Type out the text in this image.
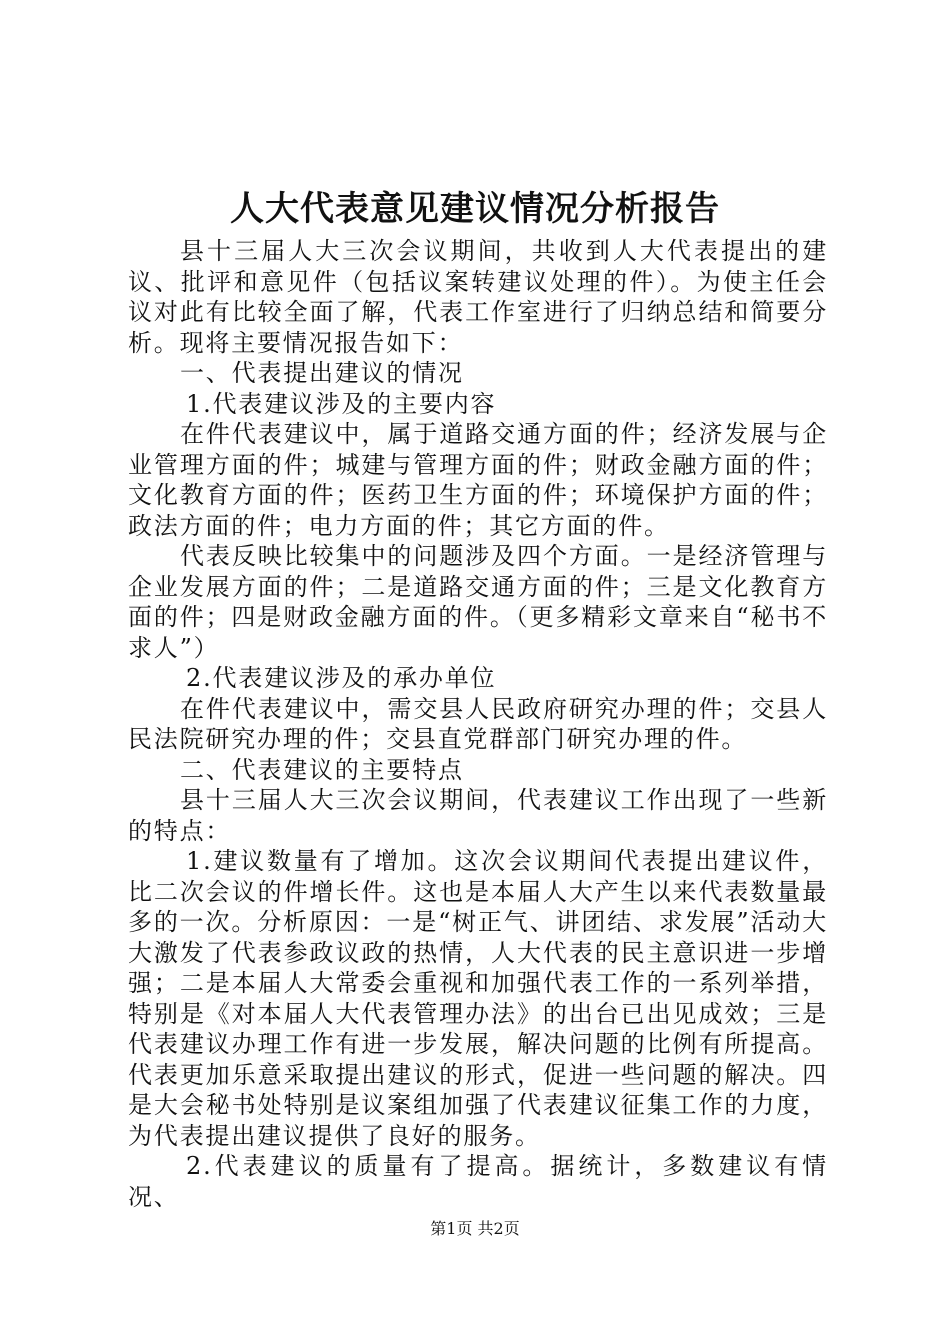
人大代表意见建议情况分析报告

县十三届人大三次会议期间，共收到人大代表提出的建议、批评和意见件（包括议案转建议处理的件）。为使主任会议对此有比较全面了解，代表工作室进行了归纳总结和简要分析。现将主要情况报告如下：

一、代表提出建议的情况

1.代表建议涉及的主要内容

在件代表建议中，属于道路交通方面的件；经济发展与企业管理方面的件；城建与管理方面的件；财政金融方面的件；文化教育方面的件；医药卫生方面的件；环境保护方面的件；政法方面的件；电力方面的件；其它方面的件。

代表反映比较集中的问题涉及四个方面。一是经济管理与企业发展方面的件；二是道路交通方面的件；三是文化教育方面的件；四是财政金融方面的件。（更多精彩文章来自“秘书不求人”）

2.代表建议涉及的承办单位

在件代表建议中，需交县人民政府研究办理的件；交县人民法院研究办理的件；交县直党群部门研究办理的件。

二、代表建议的主要特点

县十三届人大三次会议期间，代表建议工作出现了一些新的特点：

1.建议数量有了增加。这次会议期间代表提出建议件，比二次会议的件增长件。这也是本届人大产生以来代表数量最多的一次。分析原因：一是“树正气、讲团结、求发展”活动大大激发了代表参政议政的热情，人大代表的民主意识进一步增强；二是本届人大常委会重视和加强代表工作的一系列举措，特别是《对本届人大代表管理办法》的出台已出见成效；三是代表建议办理工作有进一步发展，解决问题的比例有所提高。代表更加乐意采取提出建议的形式，促进一些问题的解决。四是大会秘书处特别是议案组加强了代表建议征集工作的力度，为代表提出建议提供了良好的服务。

2.代表建议的质量有了提高。据统计，多数建议有情况、

第1页 共2页
